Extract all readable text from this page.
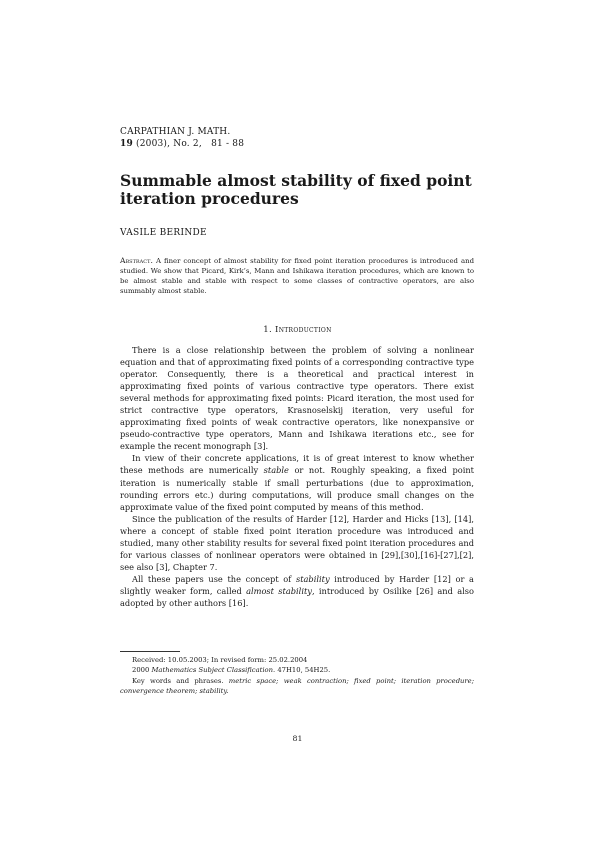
CARPATHIAN J. MATH.
19 (2003), No. 2, 81 - 88
Summable almost stability of fixed point
iteration procedures
VASILE BERINDE
Abstract. A finer concept of almost stability for fixed point iteration procedures is introduced and studied. We show that Picard, Kirk’s, Mann and Ishikawa iteration procedures, which are known to be almost stable and stable with respect to some classes of contractive operators, are also summably almost stable.
1. Introduction

There is a close relationship between the problem of solving a nonlinear equation and that of approximating fixed points of a corresponding contractive type operator. Consequently, there is a theoretical and practical interest in approximating fixed points of various contractive type operators. There exist several methods for approximating fixed points: Picard iteration, the most used for strict contractive type operators, Krasnoselskij iteration, very useful for approximating fixed points of weak contractive operators, like nonexpansive or pseudo-contractive type operators, Mann and Ishikawa iterations etc., see for example the recent monograph [3].

In view of their concrete applications, it is of great interest to know whether these methods are numerically stable or not. Roughly speaking, a fixed point iteration is numerically stable if small perturbations (due to approximation, rounding errors etc.) during computations, will produce small changes on the approximate value of the fixed point computed by means of this method.

Since the publication of the results of Harder [12], Harder and Hicks [13], [14], where a concept of stable fixed point iteration procedure was introduced and studied, many other stability results for several fixed point iteration procedures and for various classes of nonlinear operators were obtained in [29],[30],[16]-[27],[2], see also [3], Chapter 7.

All these papers use the concept of stability introduced by Harder [12] or a slightly weaker form, called almost stability, introduced by Osilike [26] and also adopted by other authors [16].

Received: 10.05.2003; In revised form: 25.02.2004

2000 Mathematics Subject Classification. 47H10, 54H25.

Key words and phrases. metric space; weak contraction; fixed point; iteration procedure; convergence theorem; stability.

81
